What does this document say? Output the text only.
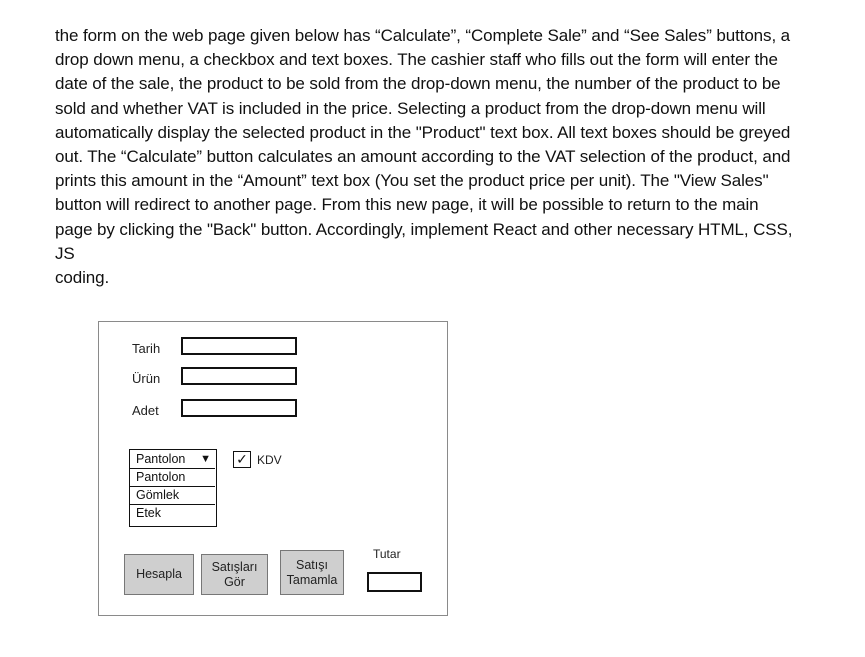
the form on the web page given below has “Calculate”, “Complete Sale” and “See Sales” buttons, a
drop down menu, a checkbox and text boxes. The cashier staff who fills out the form will enter the
date of the sale, the product to be sold from the drop-down menu, the number of the product to be
sold and whether VAT is included in the price. Selecting a product from the drop-down menu will
automatically display the selected product in the "Product" text box. All text boxes should be greyed
out. The “Calculate” button calculates an amount according to the VAT selection of the product, and
prints this amount in the “Amount” text box (You set the product price per unit). The "View Sales"
button will redirect to another page. From this new page, it will be possible to return to the main
page by clicking the "Back" button. Accordingly, implement React and other necessary HTML, CSS, JS
coding.
Tarih
Ürün
Adet
Pantolon ▼
Pantolon
Gömlek
Etek
✓ KDV
Hesapla
Satışları
Gör
Satışı
Tamamla
Tutar
